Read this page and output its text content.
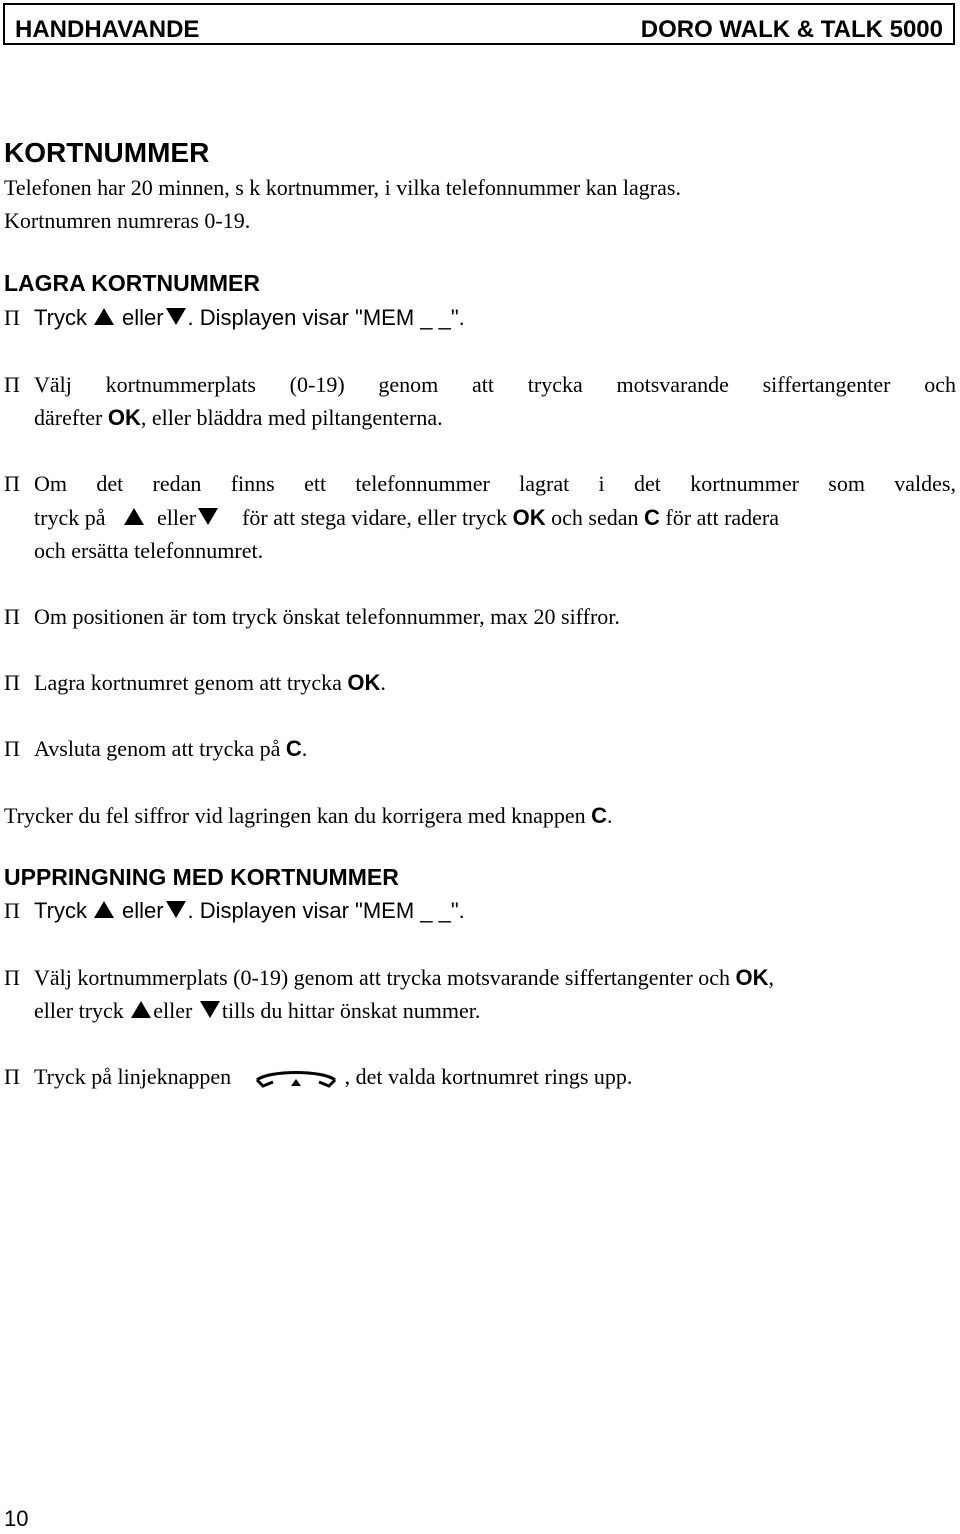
HANDHAVANDE	DORO WALK & TALK 5000
KORTNUMMER
Telefonen har 20 minnen, s k kortnummer, i vilka telefonnummer kan lagras.
Kortnumren numreras 0-19.
LAGRA KORTNUMMER
Π Tryck eller . Displayen visar "MEM _ _".
Π Välj kortnummerplats (0-19) genom att trycka motsvarande siffertangenter och
därefter OK, eller bläddra med piltangenterna.
Π Om det redan finns ett telefonnummer lagrat i det kortnummer som valdes,
tryck på eller för att stega vidare, eller tryck OK och sedan C för att radera
och ersätta telefonnumret.
Π Om positionen är tom tryck önskat telefonnummer, max 20 siffror.
Π Lagra kortnumret genom att trycka OK.
Π Avsluta genom att trycka på C.
Trycker du fel siffror vid lagringen kan du korrigera med knappen C.
UPPRINGNING MED KORTNUMMER
Π Tryck eller . Displayen visar "MEM _ _".
Π Välj kortnummerplats (0-19) genom att trycka motsvarande siffertangenter och OK,
eller tryck eller tills du hittar önskat nummer.
Π Tryck på linjeknappen	, det valda kortnumret rings upp.
10
